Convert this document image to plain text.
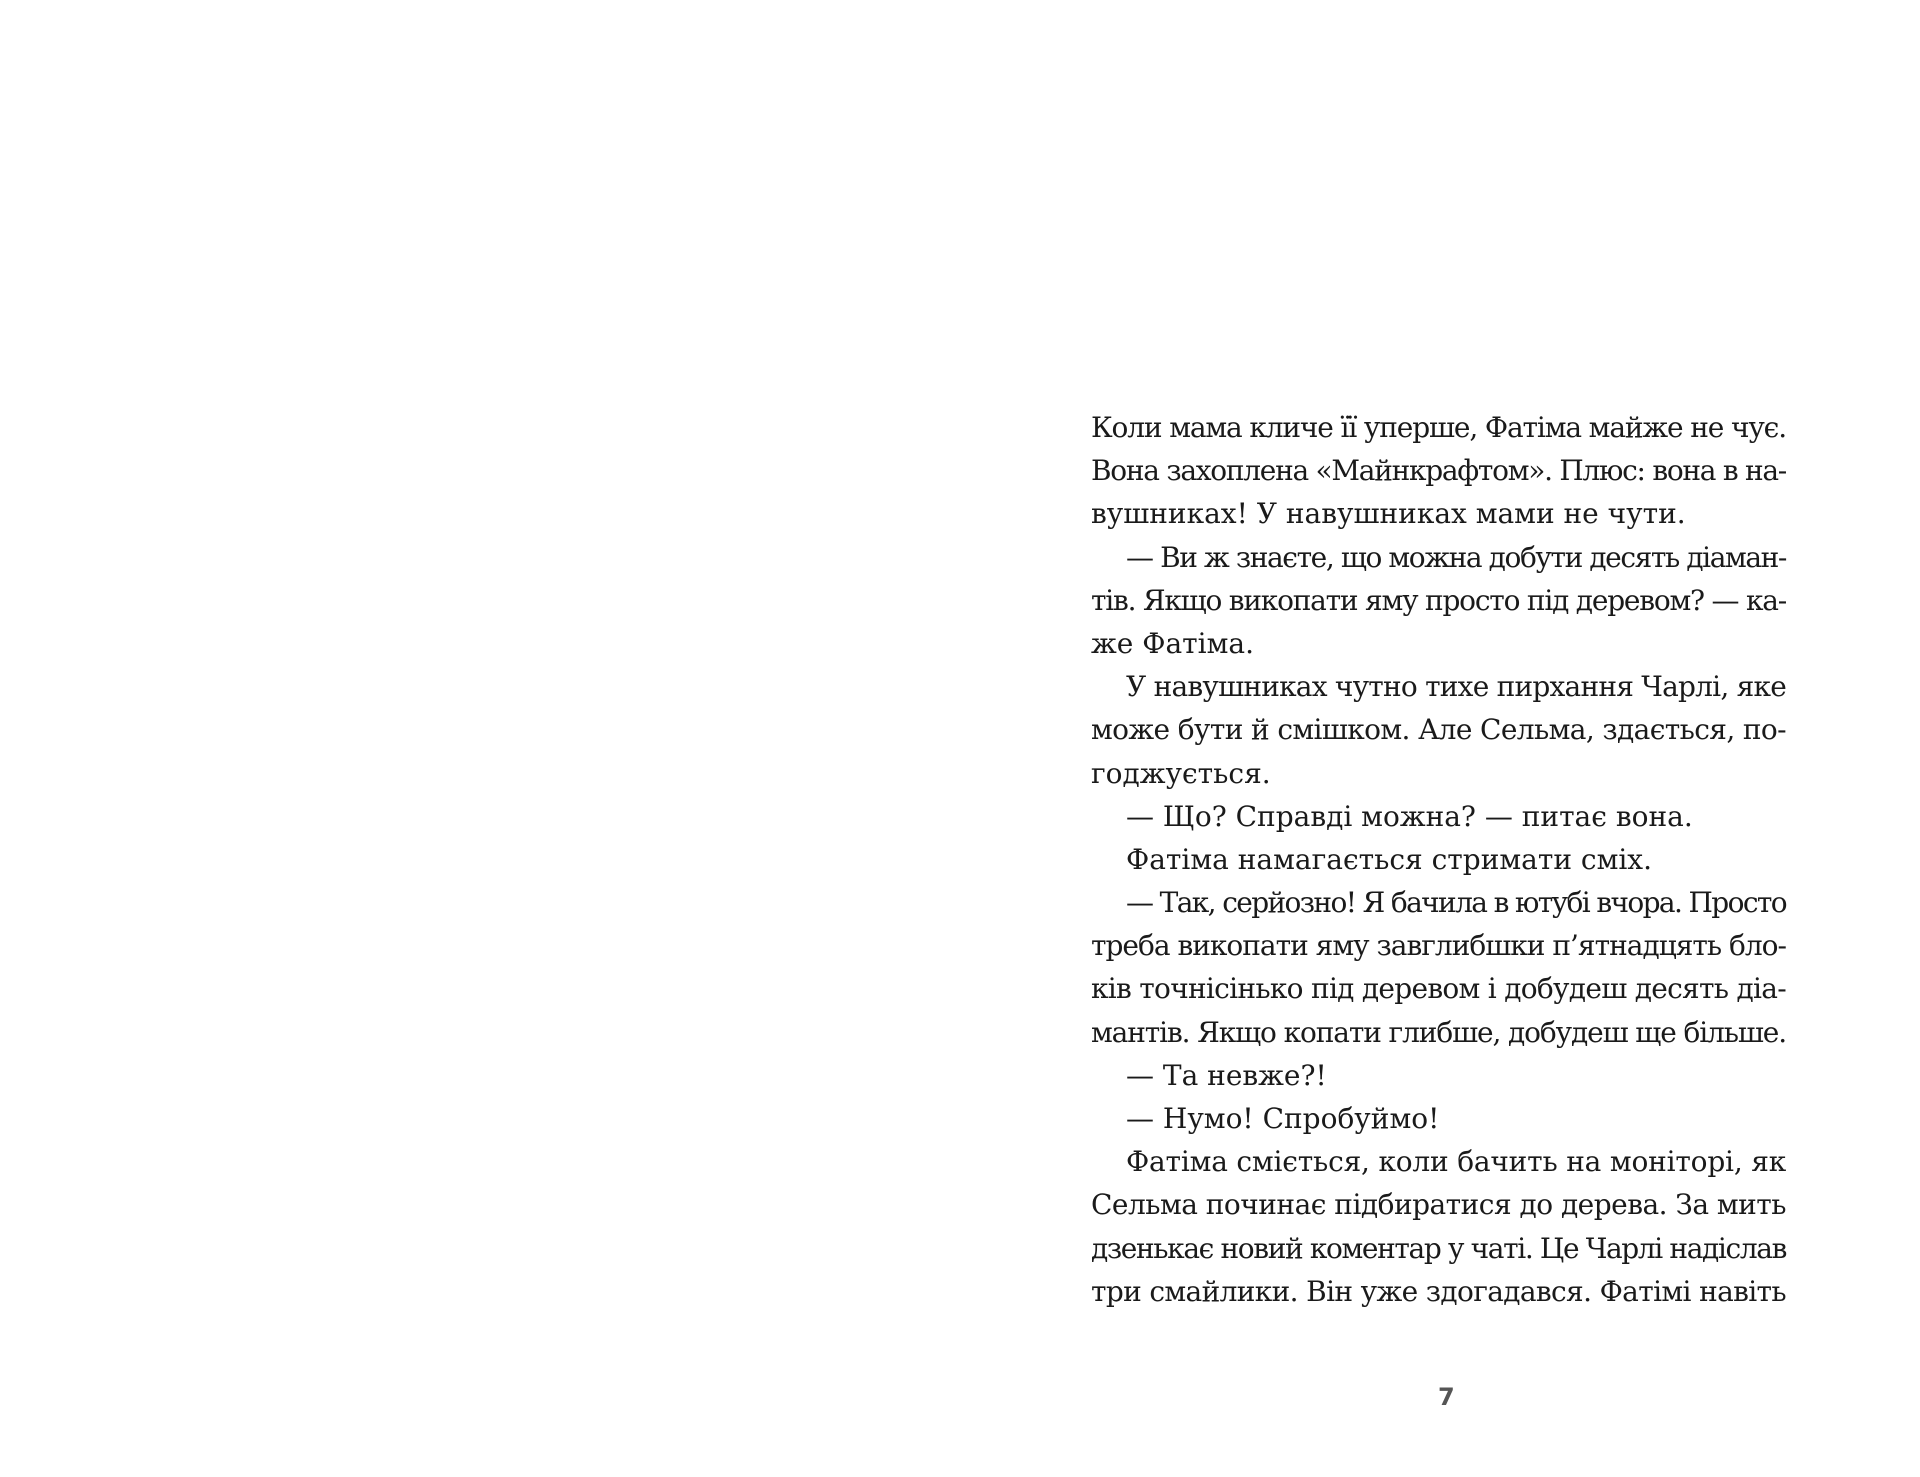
Коли мама кличе її уперше, Фатіма майже не чує.
Вона захоплена «Майнкрафтом». Плюс: вона в на-
вушниках! У навушниках мами не чути.
— Ви ж знаєте, що можна добути десять діаман-
тів. Якщо викопати яму просто під деревом? — ка-
же Фатіма.
У навушниках чутно тихе пирхання Чарлі, яке
може бути й смішком. Але Сельма, здається, по-
годжується.
— Що? Справді можна? — питає вона.
Фатіма намагається стримати сміх.
— Так, серйозно! Я бачила в ютубі вчора. Просто
треба викопати яму завглибшки п’ятнадцять бло-
ків точнісінько під деревом і добудеш десять діа-
мантів. Якщо копати глибше, добудеш ще більше.
— Та невже?!
— Нумо! Спробуймо!
Фатіма сміється, коли бачить на моніторі, як
Сельма починає підбиратися до дерева. За мить
дзенькає новий коментар у чаті. Це Чарлі надіслав
три смайлики. Він уже здогадався. Фатімі навіть
7
